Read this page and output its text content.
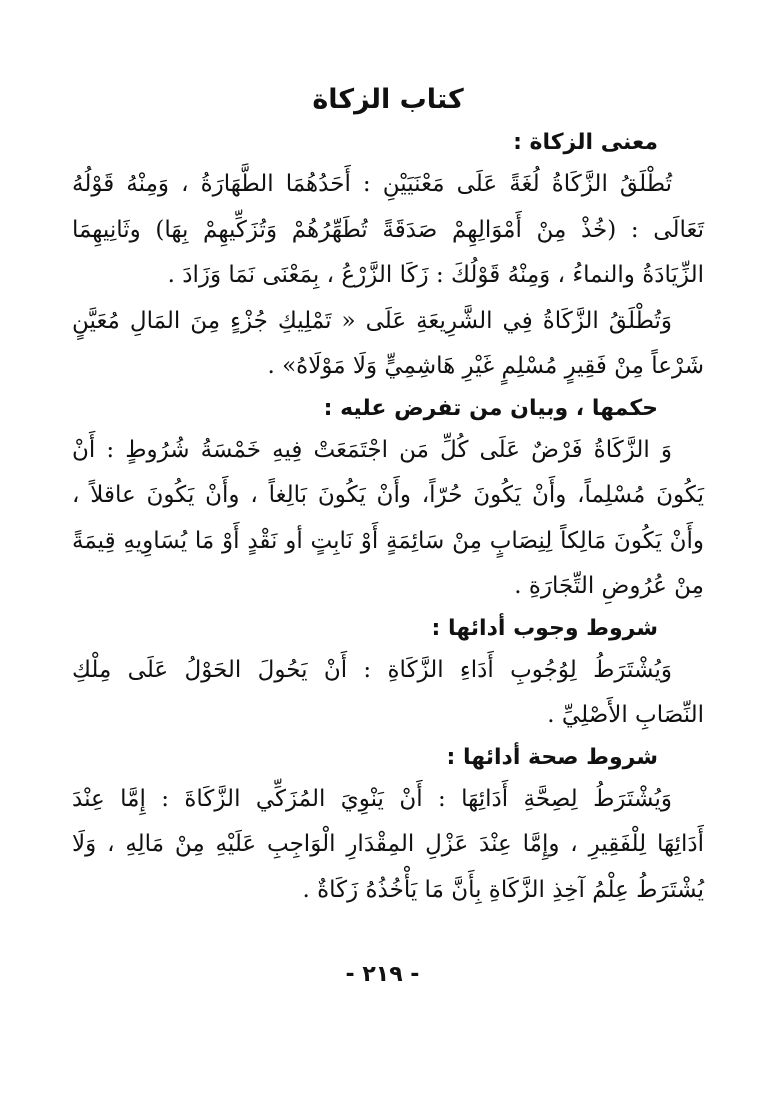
كتاب الزكاة
معنى الزكاة :

تُطْلَقُ الزَّكَاةُ لُغَةً عَلَى مَعْنَيَيْنِ : أَحَدُهُمَا الطَّهَارَةُ ، وَمِنْهُ قَوْلُهُ
تَعَالَى : (خُذْ مِنْ أَمْوَالِهِمْ صَدَقَةً تُطَهِّرُهُمْ وَتُزَكِّيهِمْ بِهَا) وثَانِيهِمَا
الزِّيَادَةُ والنماءُ ، وَمِنْهُ قَوْلُكَ : زَكَا الزَّرْعُ ، بِمَعْنَى نَمَا وَزَادَ .

وَتُطْلَقُ الزَّكَاةُ فِي الشَّرِيعَةِ عَلَى « تَمْلِيكِ جُزْءٍ مِنَ المَالِ مُعَيَّنٍ
شَرْعاً مِنْ فَقِيرٍ مُسْلِمٍ غَيْرِ هَاشِمِيٍّ وَلَا مَوْلَاهُ» .

حكمها ، وبيان من تفرض عليه :

وَ الزَّكَاةُ فَرْضٌ عَلَى كُلِّ مَن اجْتَمَعَتْ فِيهِ خَمْسَةُ شُرُوطٍ : أَنْ
يَكُونَ مُسْلِماً، وأَنْ يَكُونَ حُرّاً، وأَنْ يَكُونَ بَالِغاً ، وأَنْ يَكُونَ عاقلاً ،
وأَنْ يَكُونَ مَالِكاً لِنِصَابٍ مِنْ سَائِمَةٍ أَوْ نَابِتٍ أو نَقْدٍ أَوْ مَا يُسَاوِيهِ قِيمَةً
مِنْ عُرُوضِ التِّجَارَةِ .

شروط وجوب أدائها :

وَيُشْتَرَطُ لِوُجُوبِ أَدَاءِ الزَّكَاةِ : أَنْ يَحُولَ الحَوْلُ عَلَى مِلْكِ
النِّصَابِ الأَصْلِيِّ .

شروط صحة أدائها :

وَيُشْتَرَطُ لِصِحَّةِ أَدَائِهَا : أَنْ يَنْوِيَ المُزَكِّي الزَّكَاةَ : إِمَّا عِنْدَ
أَدَائِهَا لِلْفَقِيرِ ، وإِمَّا عِنْدَ عَزْلِ المِقْدَارِ الْوَاجِبِ عَلَيْهِ مِنْ مَالِهِ ، وَلَا
يُشْتَرَطُ عِلْمُ آخِذِ الزَّكَاةِ بِأَنَّ مَا يَأْخُذُهُ زَكَاةٌ .

- ٢١٩ -
